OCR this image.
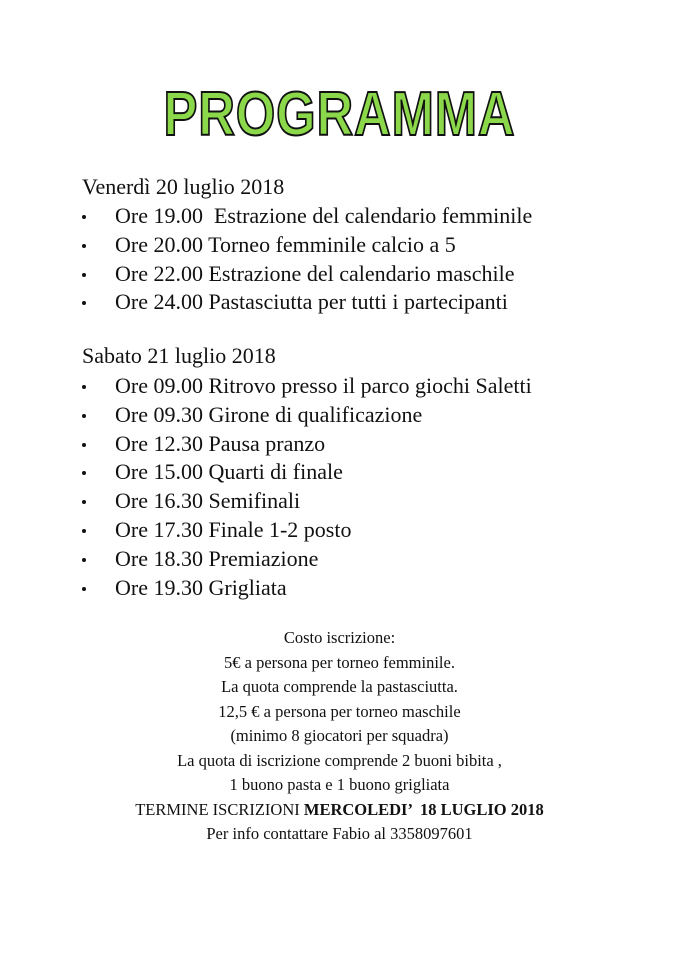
PROGRAMMA
Venerdì 20 luglio 2018
Ore 19.00  Estrazione del calendario femminile
Ore 20.00 Torneo femminile calcio a 5
Ore 22.00 Estrazione del calendario maschile
Ore 24.00 Pastasciutta per tutti i partecipanti
Sabato 21 luglio 2018
Ore 09.00 Ritrovo presso il parco giochi Saletti
Ore 09.30 Girone di qualificazione
Ore 12.30 Pausa pranzo
Ore 15.00 Quarti di finale
Ore 16.30 Semifinali
Ore 17.30 Finale 1-2 posto
Ore 18.30 Premiazione
Ore 19.30 Grigliata
Costo iscrizione:
5€ a persona per torneo femminile.
La quota comprende la pastasciutta.
12,5 € a persona per torneo maschile
(minimo 8 giocatori per squadra)
La quota di iscrizione comprende 2 buoni bibita ,
1 buono pasta e 1 buono grigliata
TERMINE ISCRIZIONI MERCOLEDI’  18 LUGLIO 2018
Per info contattare Fabio al 3358097601
